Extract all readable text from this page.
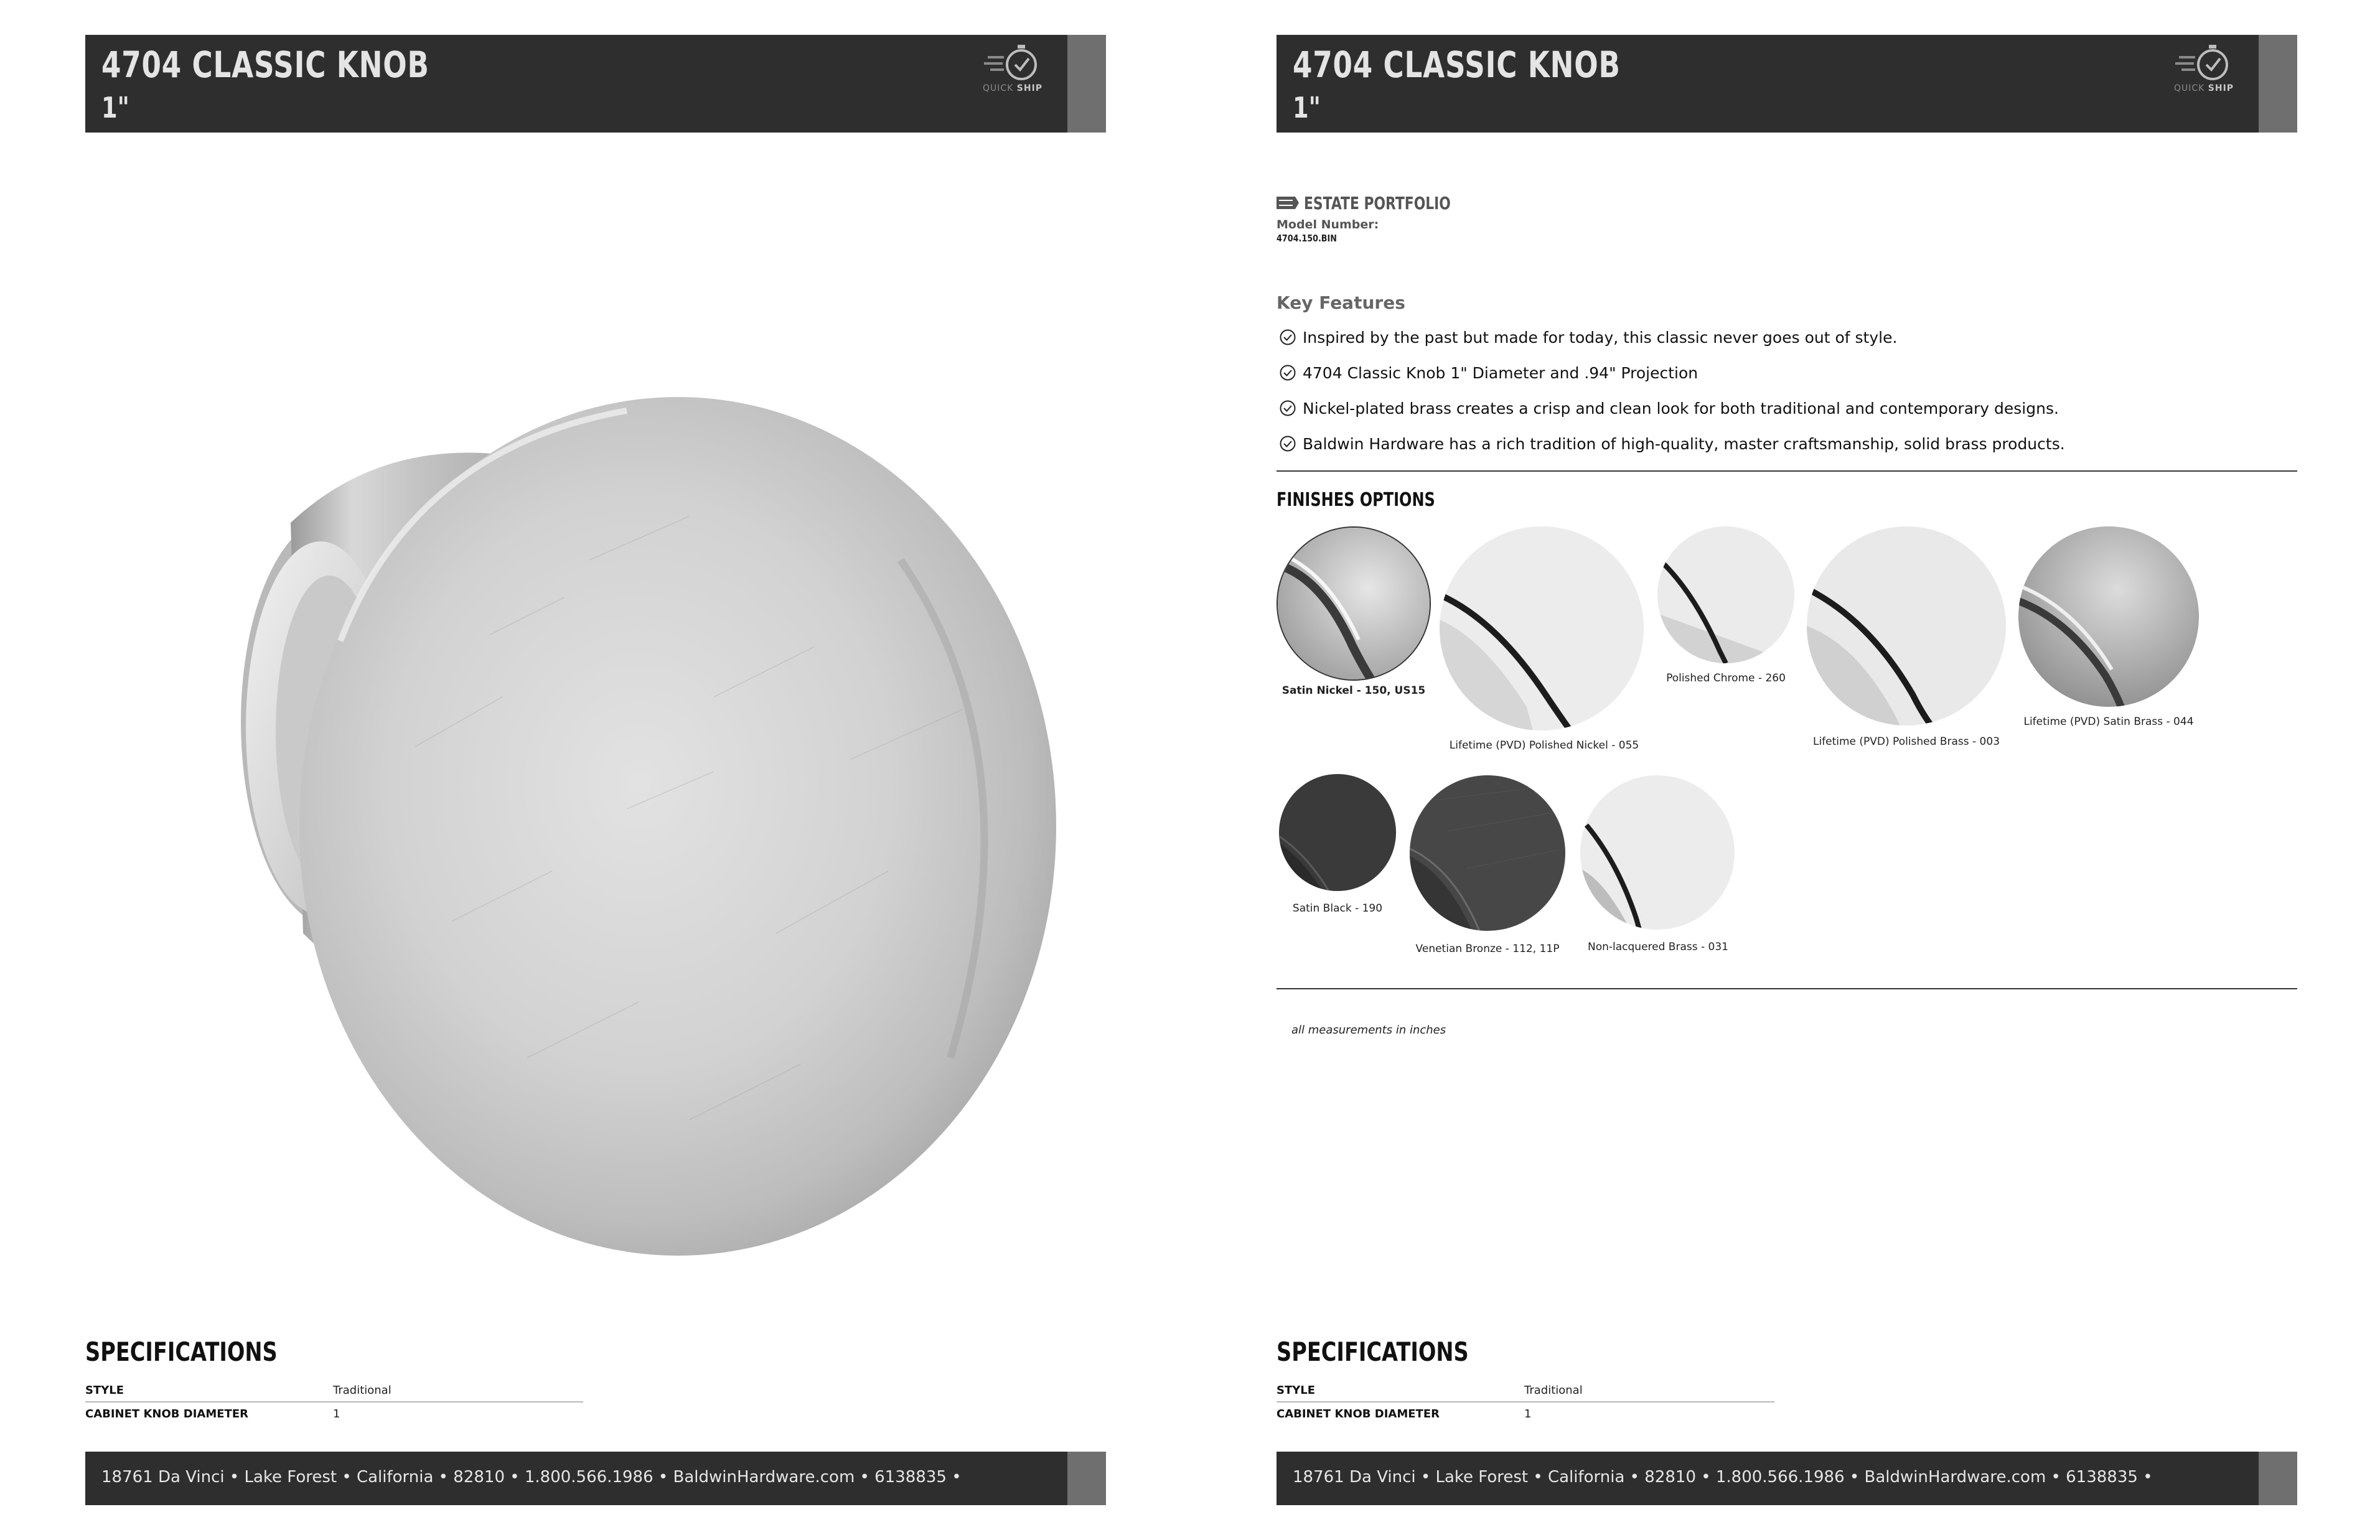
4704 CLASSIC KNOB
1"
QUICK SHIP
SPECIFICATIONS
STYLE	Traditional
CABINET KNOB DIAMETER	1
18761 Da Vinci • Lake Forest • California • 82810 • 1.800.566.1986 • BaldwinHardware.com • 6138835 •
4704 CLASSIC KNOB
1"
QUICK SHIP
ESTATE PORTFOLIO
Model Number:
4704.150.BIN
Key Features
Inspired by the past but made for today, this classic never goes out of style.
4704 Classic Knob 1" Diameter and .94" Projection
Nickel-plated brass creates a crisp and clean look for both traditional and contemporary designs.
Baldwin Hardware has a rich tradition of high-quality, master craftsmanship, solid brass products.
FINISHES OPTIONS
Satin Nickel - 150, US15
Lifetime (PVD) Polished Nickel - 055
Polished Chrome - 260
Lifetime (PVD) Polished Brass - 003
Lifetime (PVD) Satin Brass - 044
Satin Black - 190
Venetian Bronze - 112, 11P	Non-lacquered Brass - 031
all measurements in inches
SPECIFICATIONS
STYLE	Traditional
CABINET KNOB DIAMETER	1
18761 Da Vinci • Lake Forest • California • 82810 • 1.800.566.1986 • BaldwinHardware.com • 6138835 •
